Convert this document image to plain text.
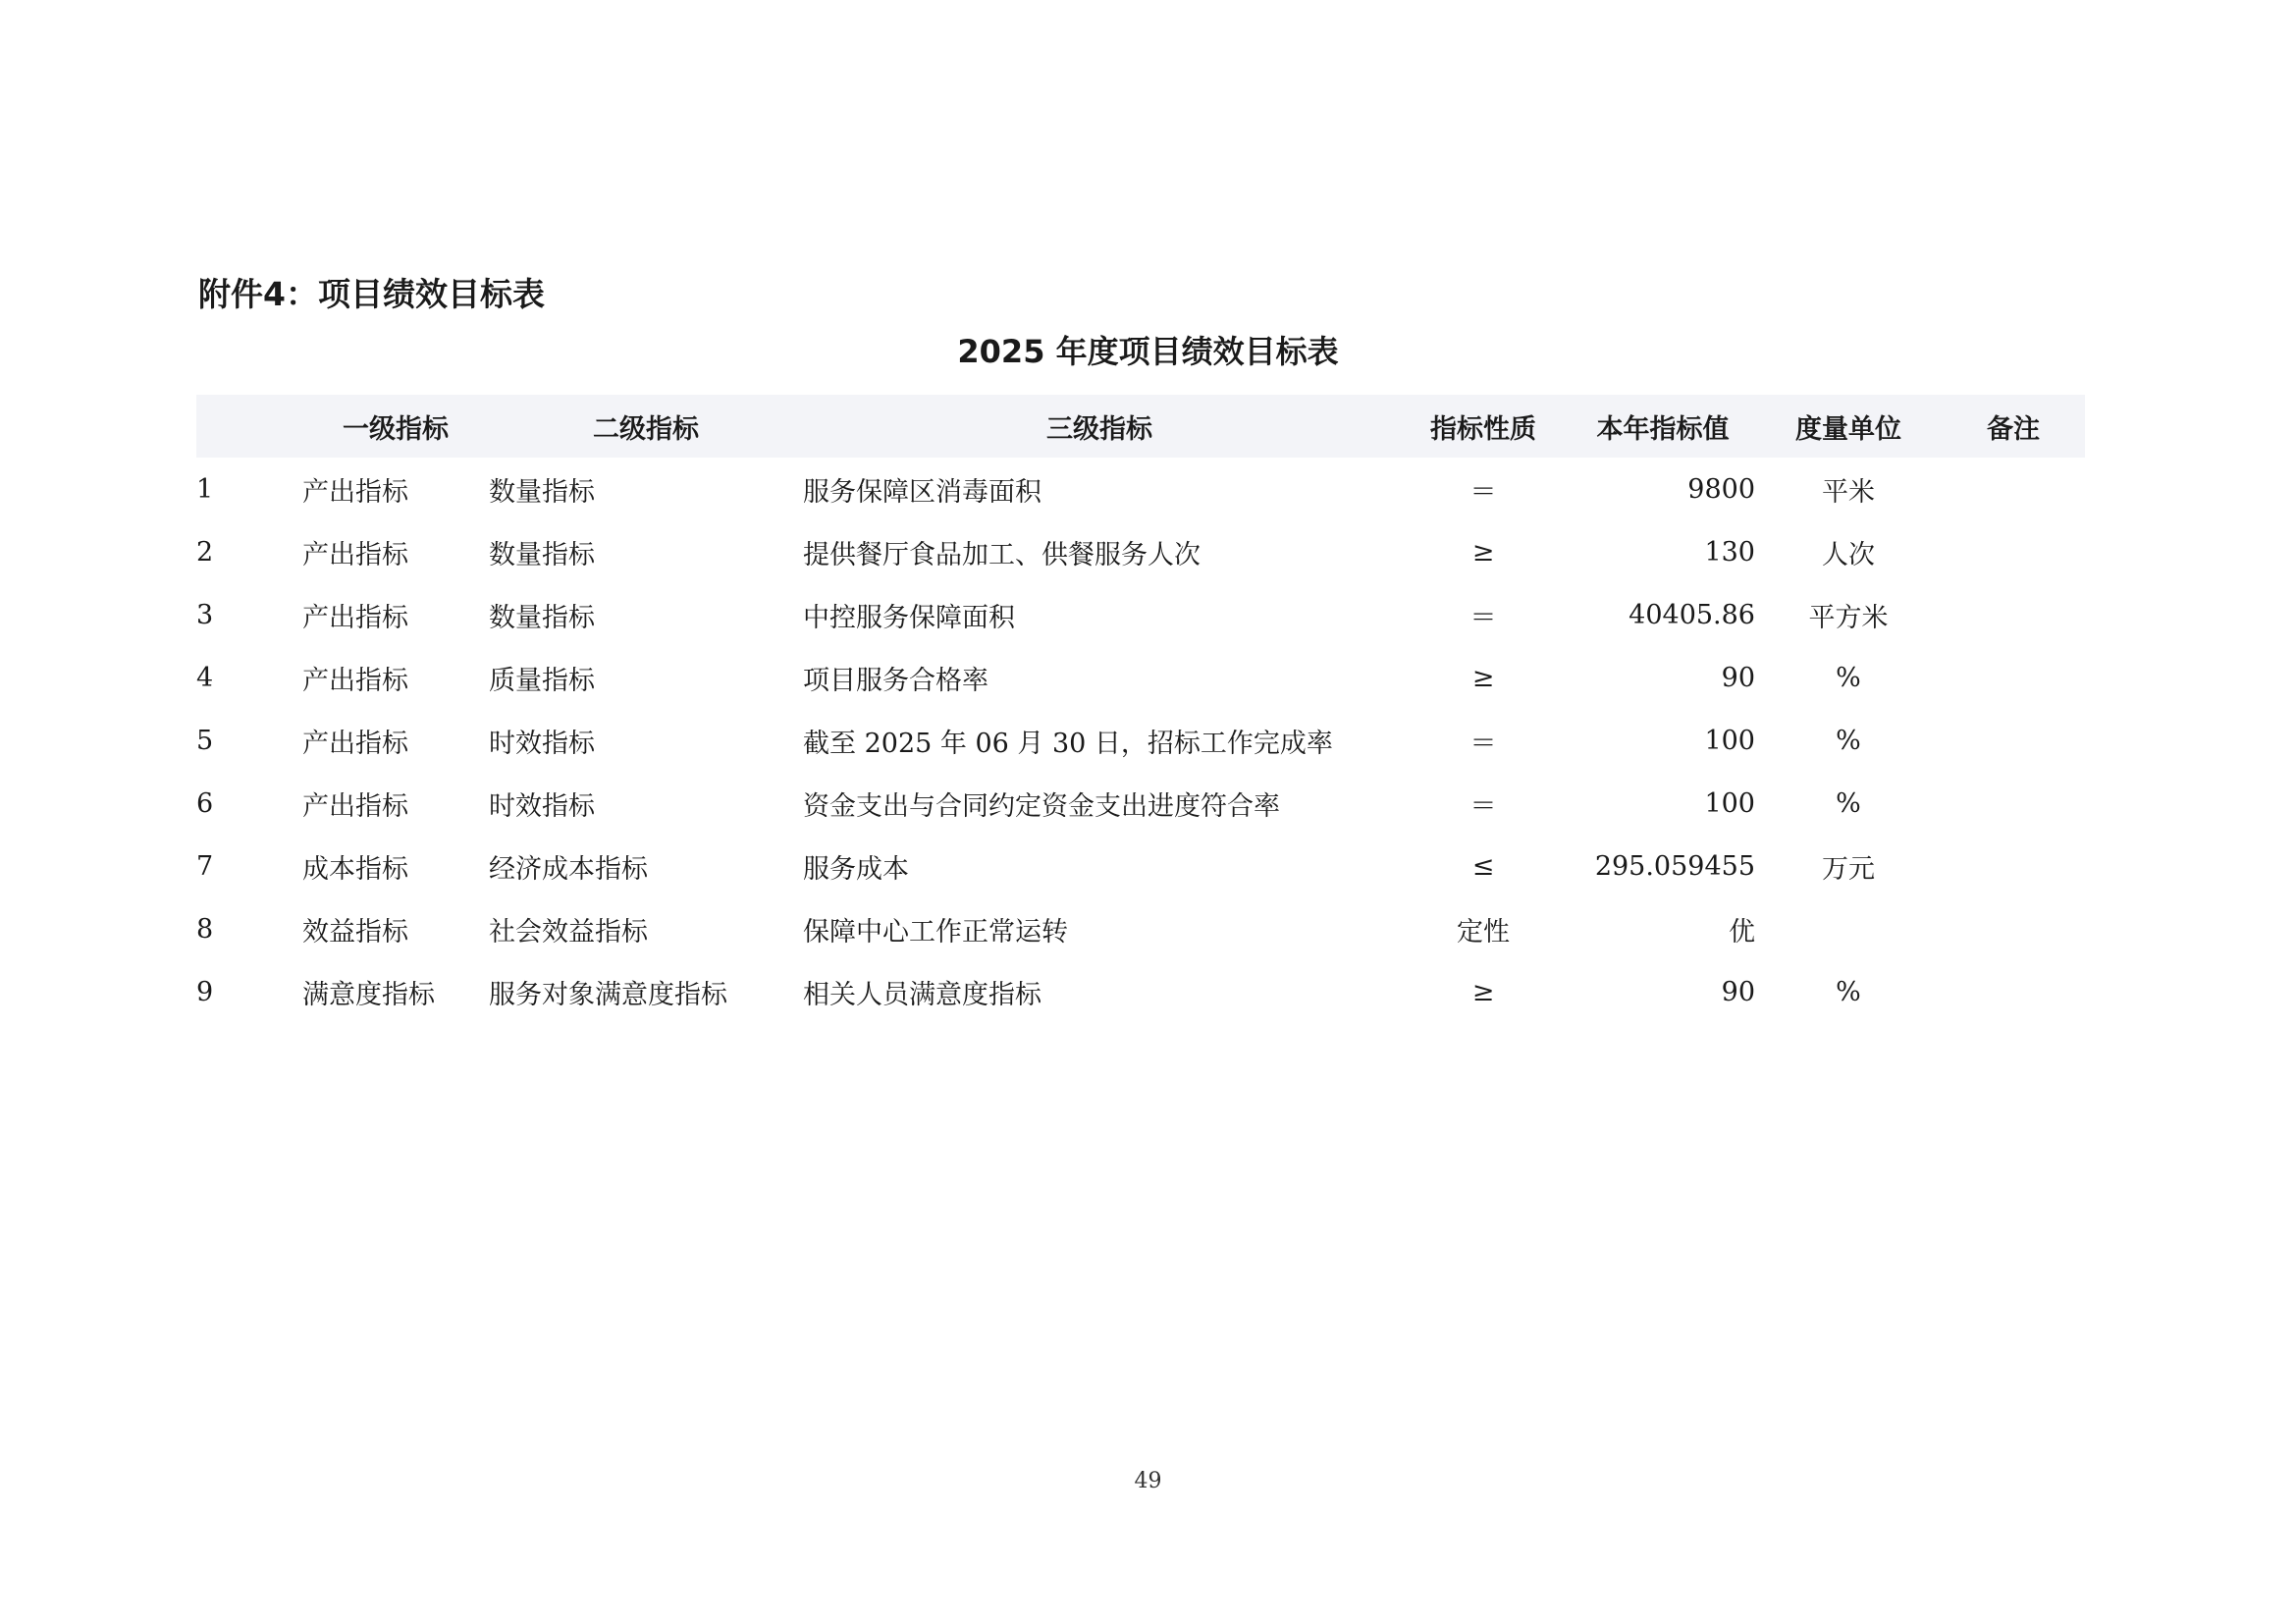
附件4：项目绩效目标表
2025 年度项目绩效目标表
	一级指标	二级指标	三级指标	指标性质	本年指标值	度量单位	备注
1	产出指标	数量指标	服务保障区消毒面积	＝	9800	平米	
2	产出指标	数量指标	提供餐厅食品加工、供餐服务人次	≥	130	人次	
3	产出指标	数量指标	中控服务保障面积	＝	40405.86	平方米	
4	产出指标	质量指标	项目服务合格率	≥	90	%	
5	产出指标	时效指标	截至 2025 年 06 月 30 日，招标工作完成率	＝	100	%	
6	产出指标	时效指标	资金支出与合同约定资金支出进度符合率	＝	100	%	
7	成本指标	经济成本指标	服务成本	≤	295.059455	万元	
8	效益指标	社会效益指标	保障中心工作正常运转	定性	优		
9	满意度指标	服务对象满意度指标	相关人员满意度指标	≥	90	%	
49
